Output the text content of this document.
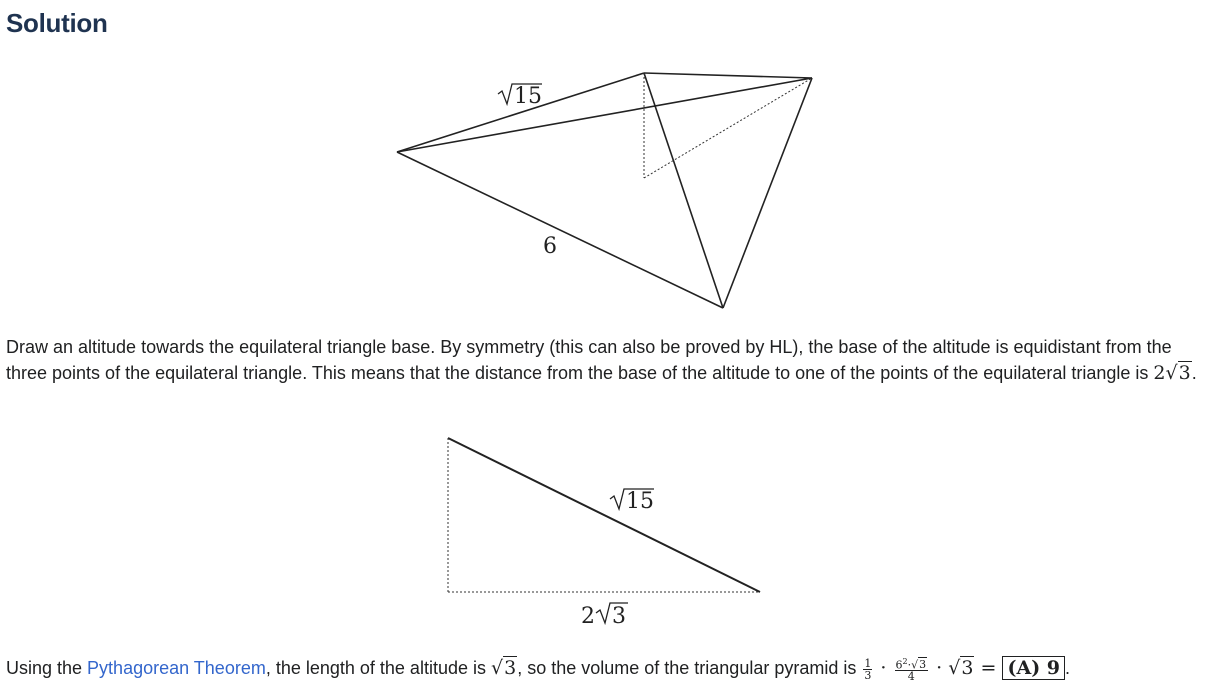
Solution
15
6

Draw an altitude towards the equilateral triangle base. By symmetry (this can also be proved by HL), the base of the altitude is equidistant from the three points of the equilateral triangle. This means that the distance from the base of the altitude to one of the points of the equilateral triangle is 2√3.

15
2 3

Using the Pythagorean Theorem, the length of the altitude is √3, so the volume of the triangular pyramid is $\frac{1}{3} \cdot \frac{6^2\cdot√3}{4} \cdot √3 = (A)$ 9 .
